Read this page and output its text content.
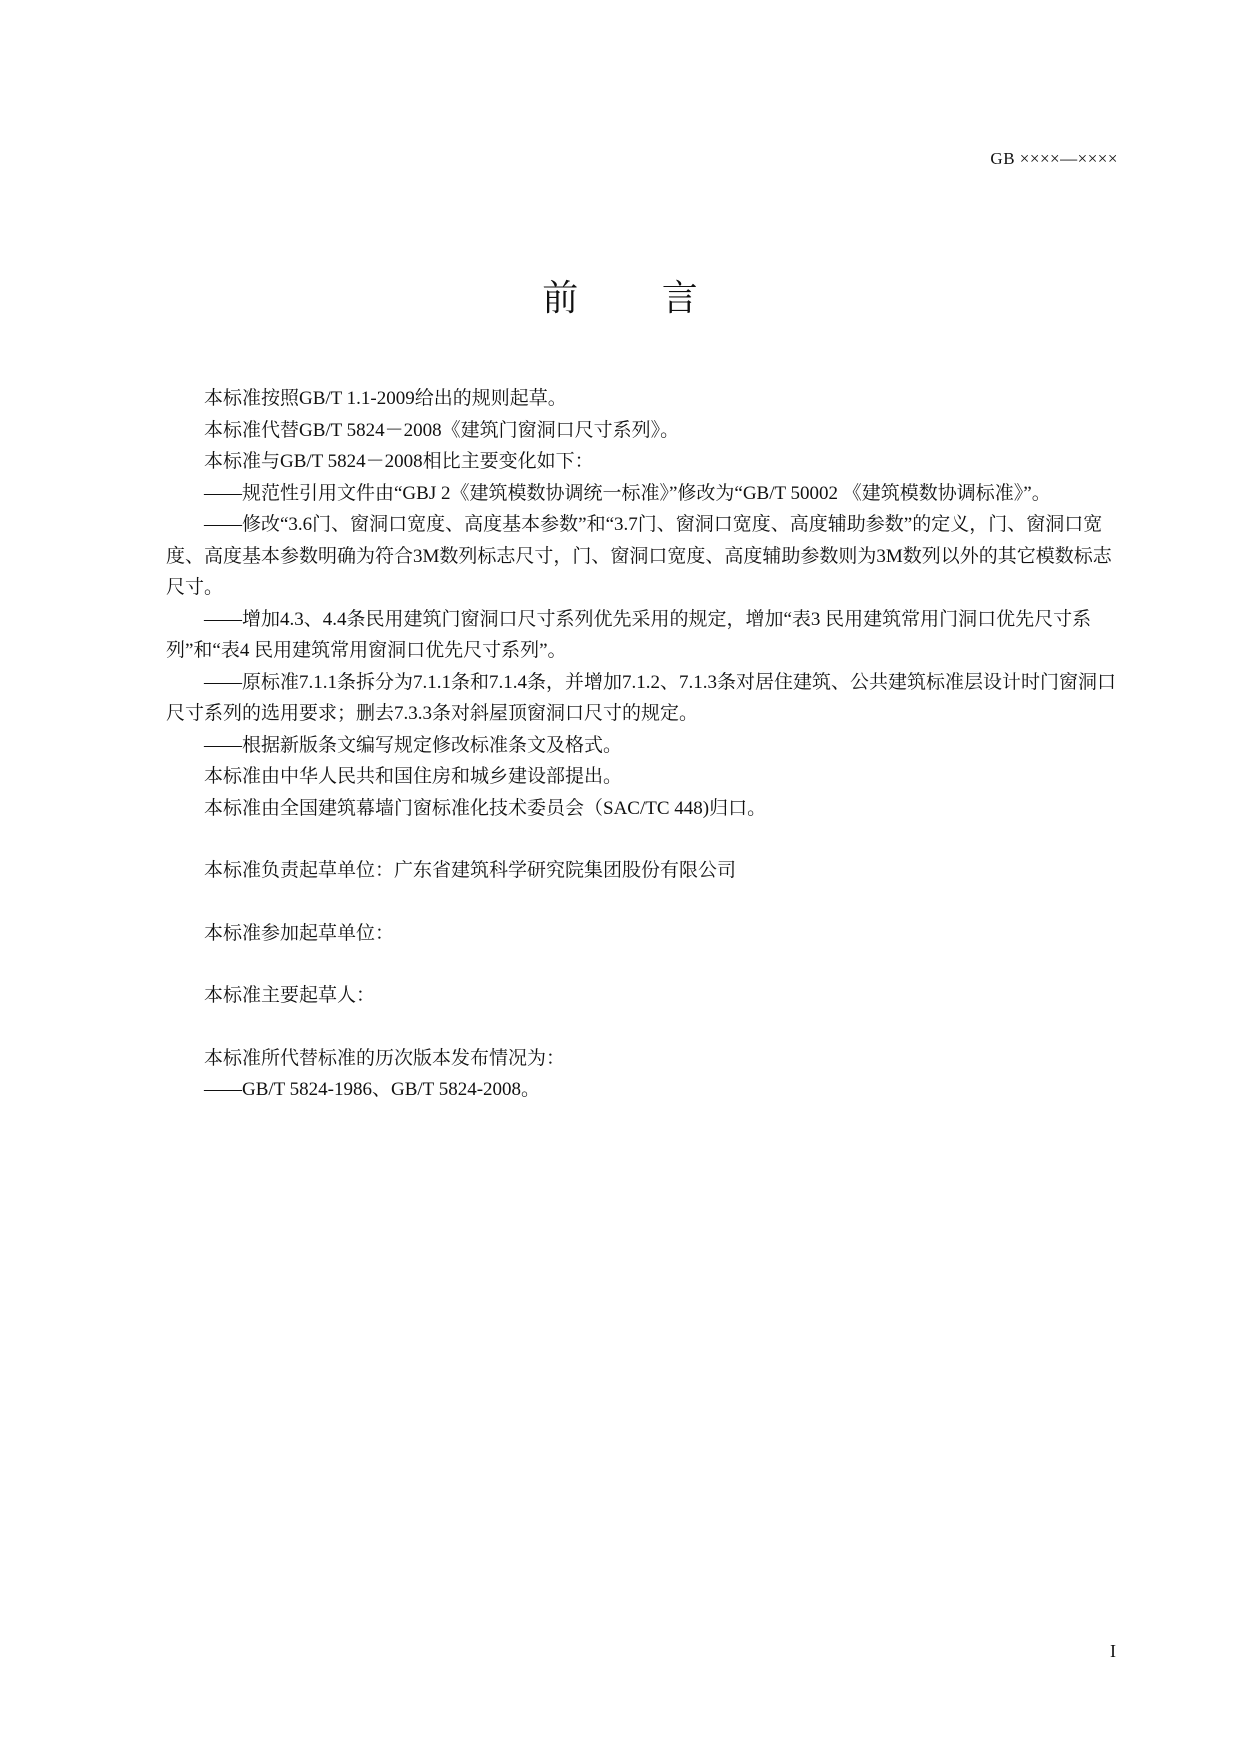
GB ××××—××××
前 言

本标准按照GB/T 1.1-2009给出的规则起草。

本标准代替GB/T 5824－2008《建筑门窗洞口尺寸系列》。

本标准与GB/T 5824－2008相比主要变化如下：

——规范性引用文件由“GBJ 2《建筑模数协调统一标准》”修改为“GB/T 50002 《建筑模数协调标准》”。

——修改“3.6门、窗洞口宽度、高度基本参数”和“3.7门、窗洞口宽度、高度辅助参数”的定义，门、窗洞口宽度、高度基本参数明确为符合3M数列标志尺寸，门、窗洞口宽度、高度辅助参数则为3M数列以外的其它模数标志尺寸。

——增加4.3、4.4条民用建筑门窗洞口尺寸系列优先采用的规定，增加“表3 民用建筑常用门洞口优先尺寸系列”和“表4 民用建筑常用窗洞口优先尺寸系列”。

——原标准7.1.1条拆分为7.1.1条和7.1.4条，并增加7.1.2、7.1.3条对居住建筑、公共建筑标准层设计时门窗洞口尺寸系列的选用要求；删去7.3.3条对斜屋顶窗洞口尺寸的规定。

——根据新版条文编写规定修改标准条文及格式。

本标准由中华人民共和国住房和城乡建设部提出。

本标准由全国建筑幕墙门窗标准化技术委员会（SAC/TC 448)归口。

本标准负责起草单位：广东省建筑科学研究院集团股份有限公司

本标准参加起草单位：

本标准主要起草人：

本标准所代替标准的历次版本发布情况为：

——GB/T 5824-1986、GB/T 5824-2008。

I
